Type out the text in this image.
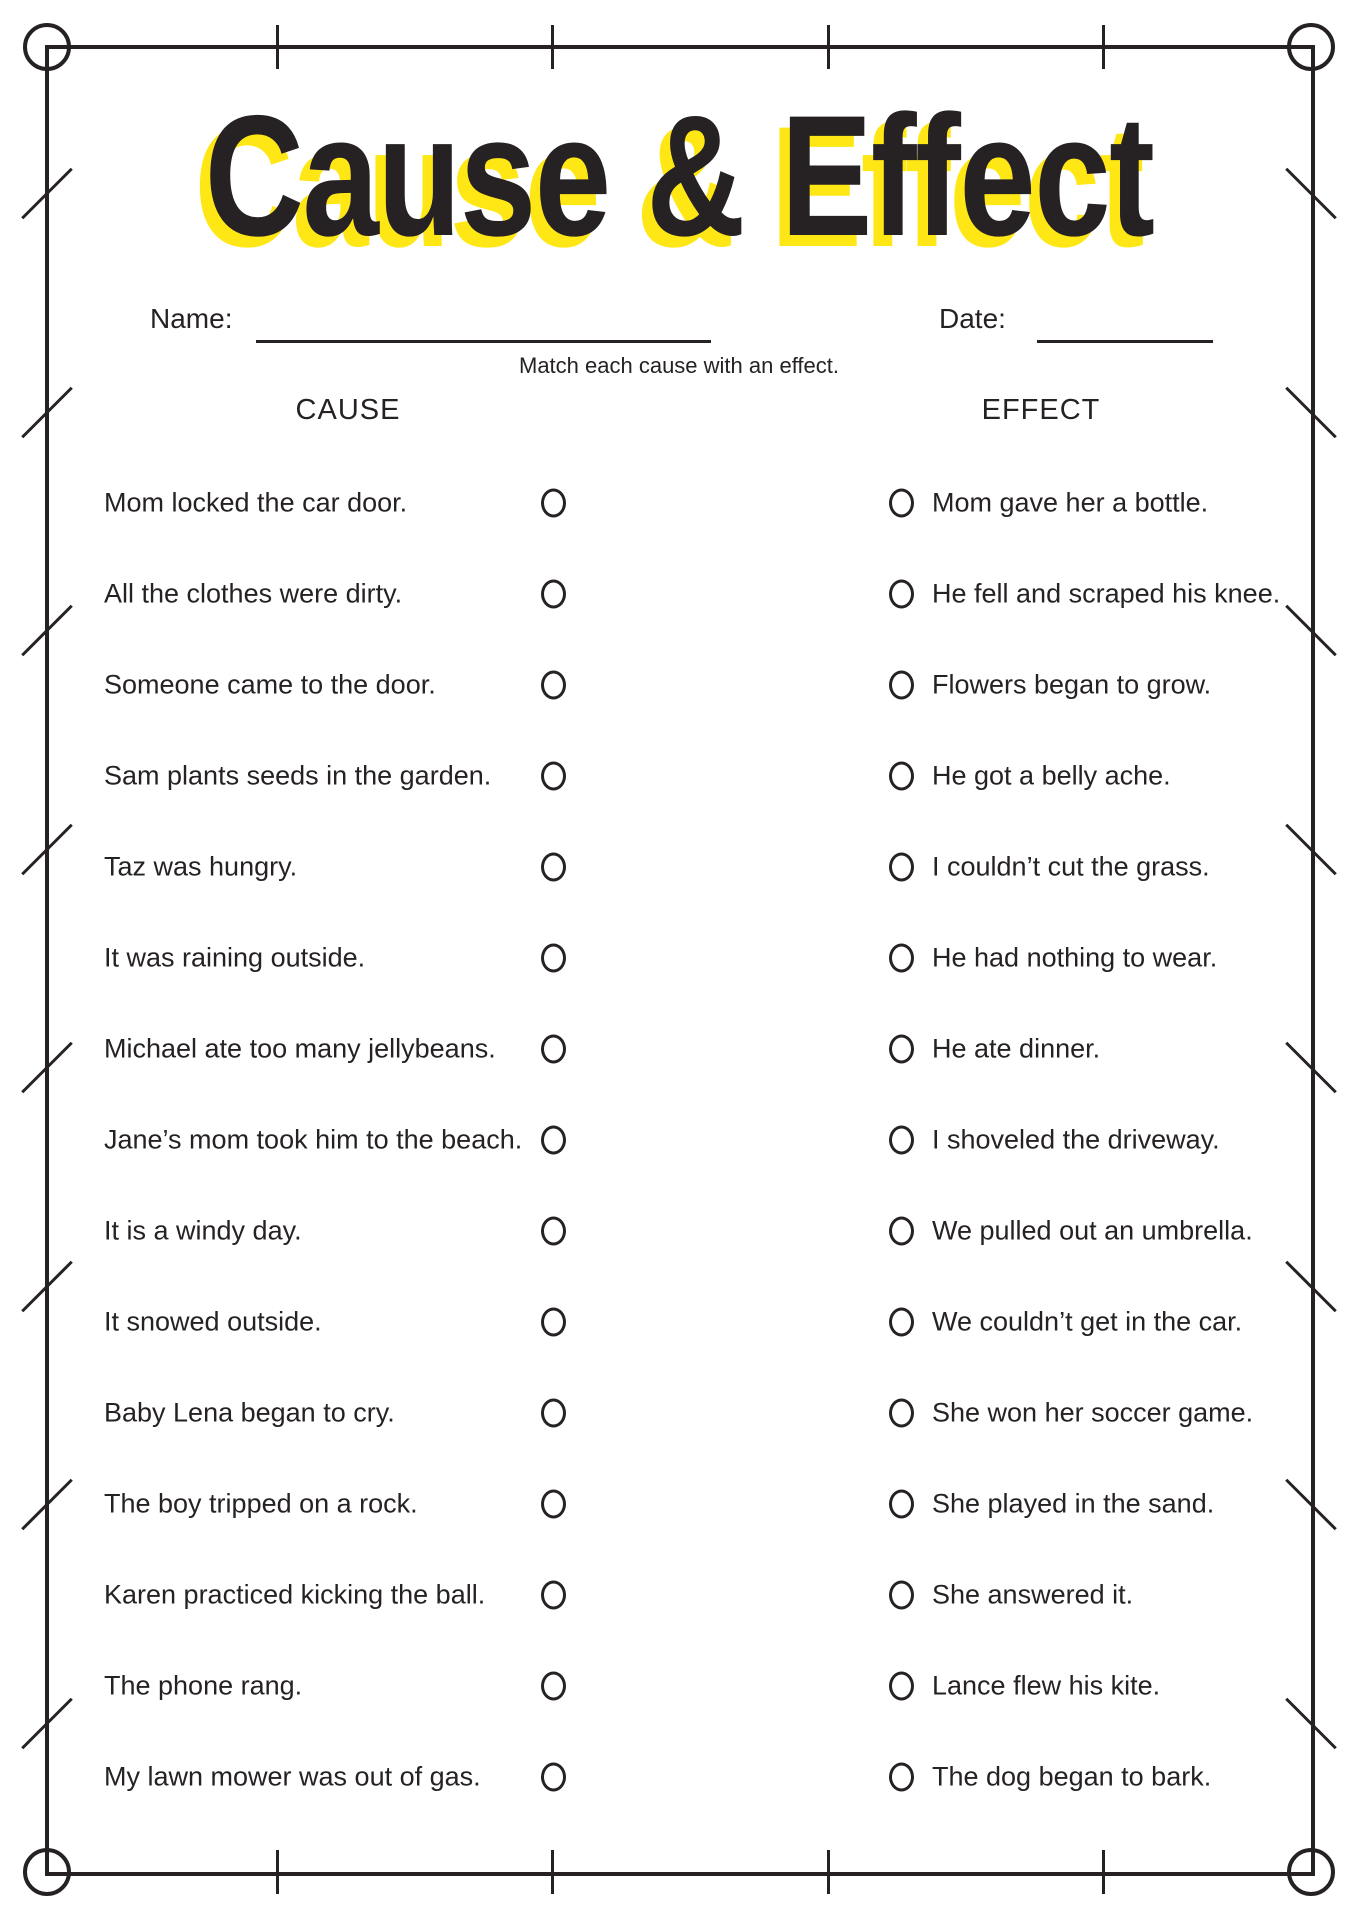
Cause & Effect
Name:	Date:
Match each cause with an effect.
CAUSE	EFFECT
Mom locked the car door.	Mom gave her a bottle.
All the clothes were dirty.	He fell and scraped his knee.
Someone came to the door.	Flowers began to grow.
Sam plants seeds in the garden.	He got a belly ache.
Taz was hungry.	I couldn’t cut the grass.
It was raining outside.	He had nothing to wear.
Michael ate too many jellybeans.	He ate dinner.
Jane’s mom took him to the beach.	I shoveled the driveway.
It is a windy day.	We pulled out an umbrella.
It snowed outside.	We couldn’t get in the car.
Baby Lena began to cry.	She won her soccer game.
The boy tripped on a rock.	She played in the sand.
Karen practiced kicking the ball.	She answered it.
The phone rang.	Lance flew his kite.
My lawn mower was out of gas.	The dog began to bark.
